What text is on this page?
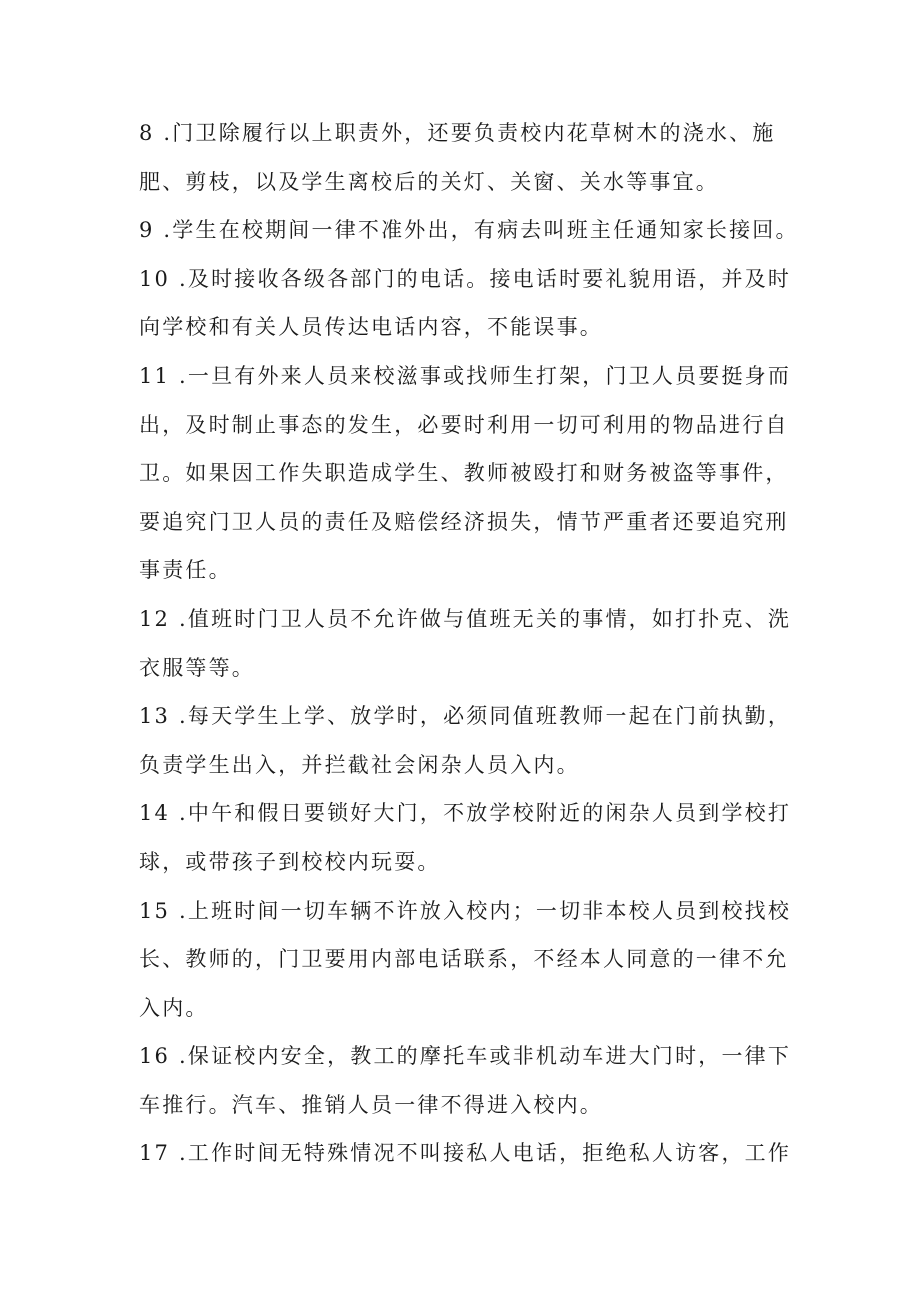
8 .门卫除履行以上职责外，还要负责校内花草树木的浇水、施
肥、剪枝，以及学生离校后的关灯、关窗、关水等事宜。
9 .学生在校期间一律不准外出，有病去叫班主任通知家长接回。
10 .及时接收各级各部门的电话。接电话时要礼貌用语，并及时
向学校和有关人员传达电话内容，不能误事。
11 .一旦有外来人员来校滋事或找师生打架，门卫人员要挺身而
出，及时制止事态的发生，必要时利用一切可利用的物品进行自
卫。如果因工作失职造成学生、教师被殴打和财务被盗等事件，
要追究门卫人员的责任及赔偿经济损失，情节严重者还要追究刑
事责任。
12 .值班时门卫人员不允许做与值班无关的事情，如打扑克、洗
衣服等等。
13 .每天学生上学、放学时，必须同值班教师一起在门前执勤，
负责学生出入，并拦截社会闲杂人员入内。
14 .中午和假日要锁好大门，不放学校附近的闲杂人员到学校打
球，或带孩子到校校内玩耍。
15 .上班时间一切车辆不许放入校内；一切非本校人员到校找校
长、教师的，门卫要用内部电话联系，不经本人同意的一律不允
入内。
16 .保证校内安全，教工的摩托车或非机动车进大门时，一律下
车推行。汽车、推销人员一律不得进入校内。
17 .工作时间无特殊情况不叫接私人电话，拒绝私人访客，工作
